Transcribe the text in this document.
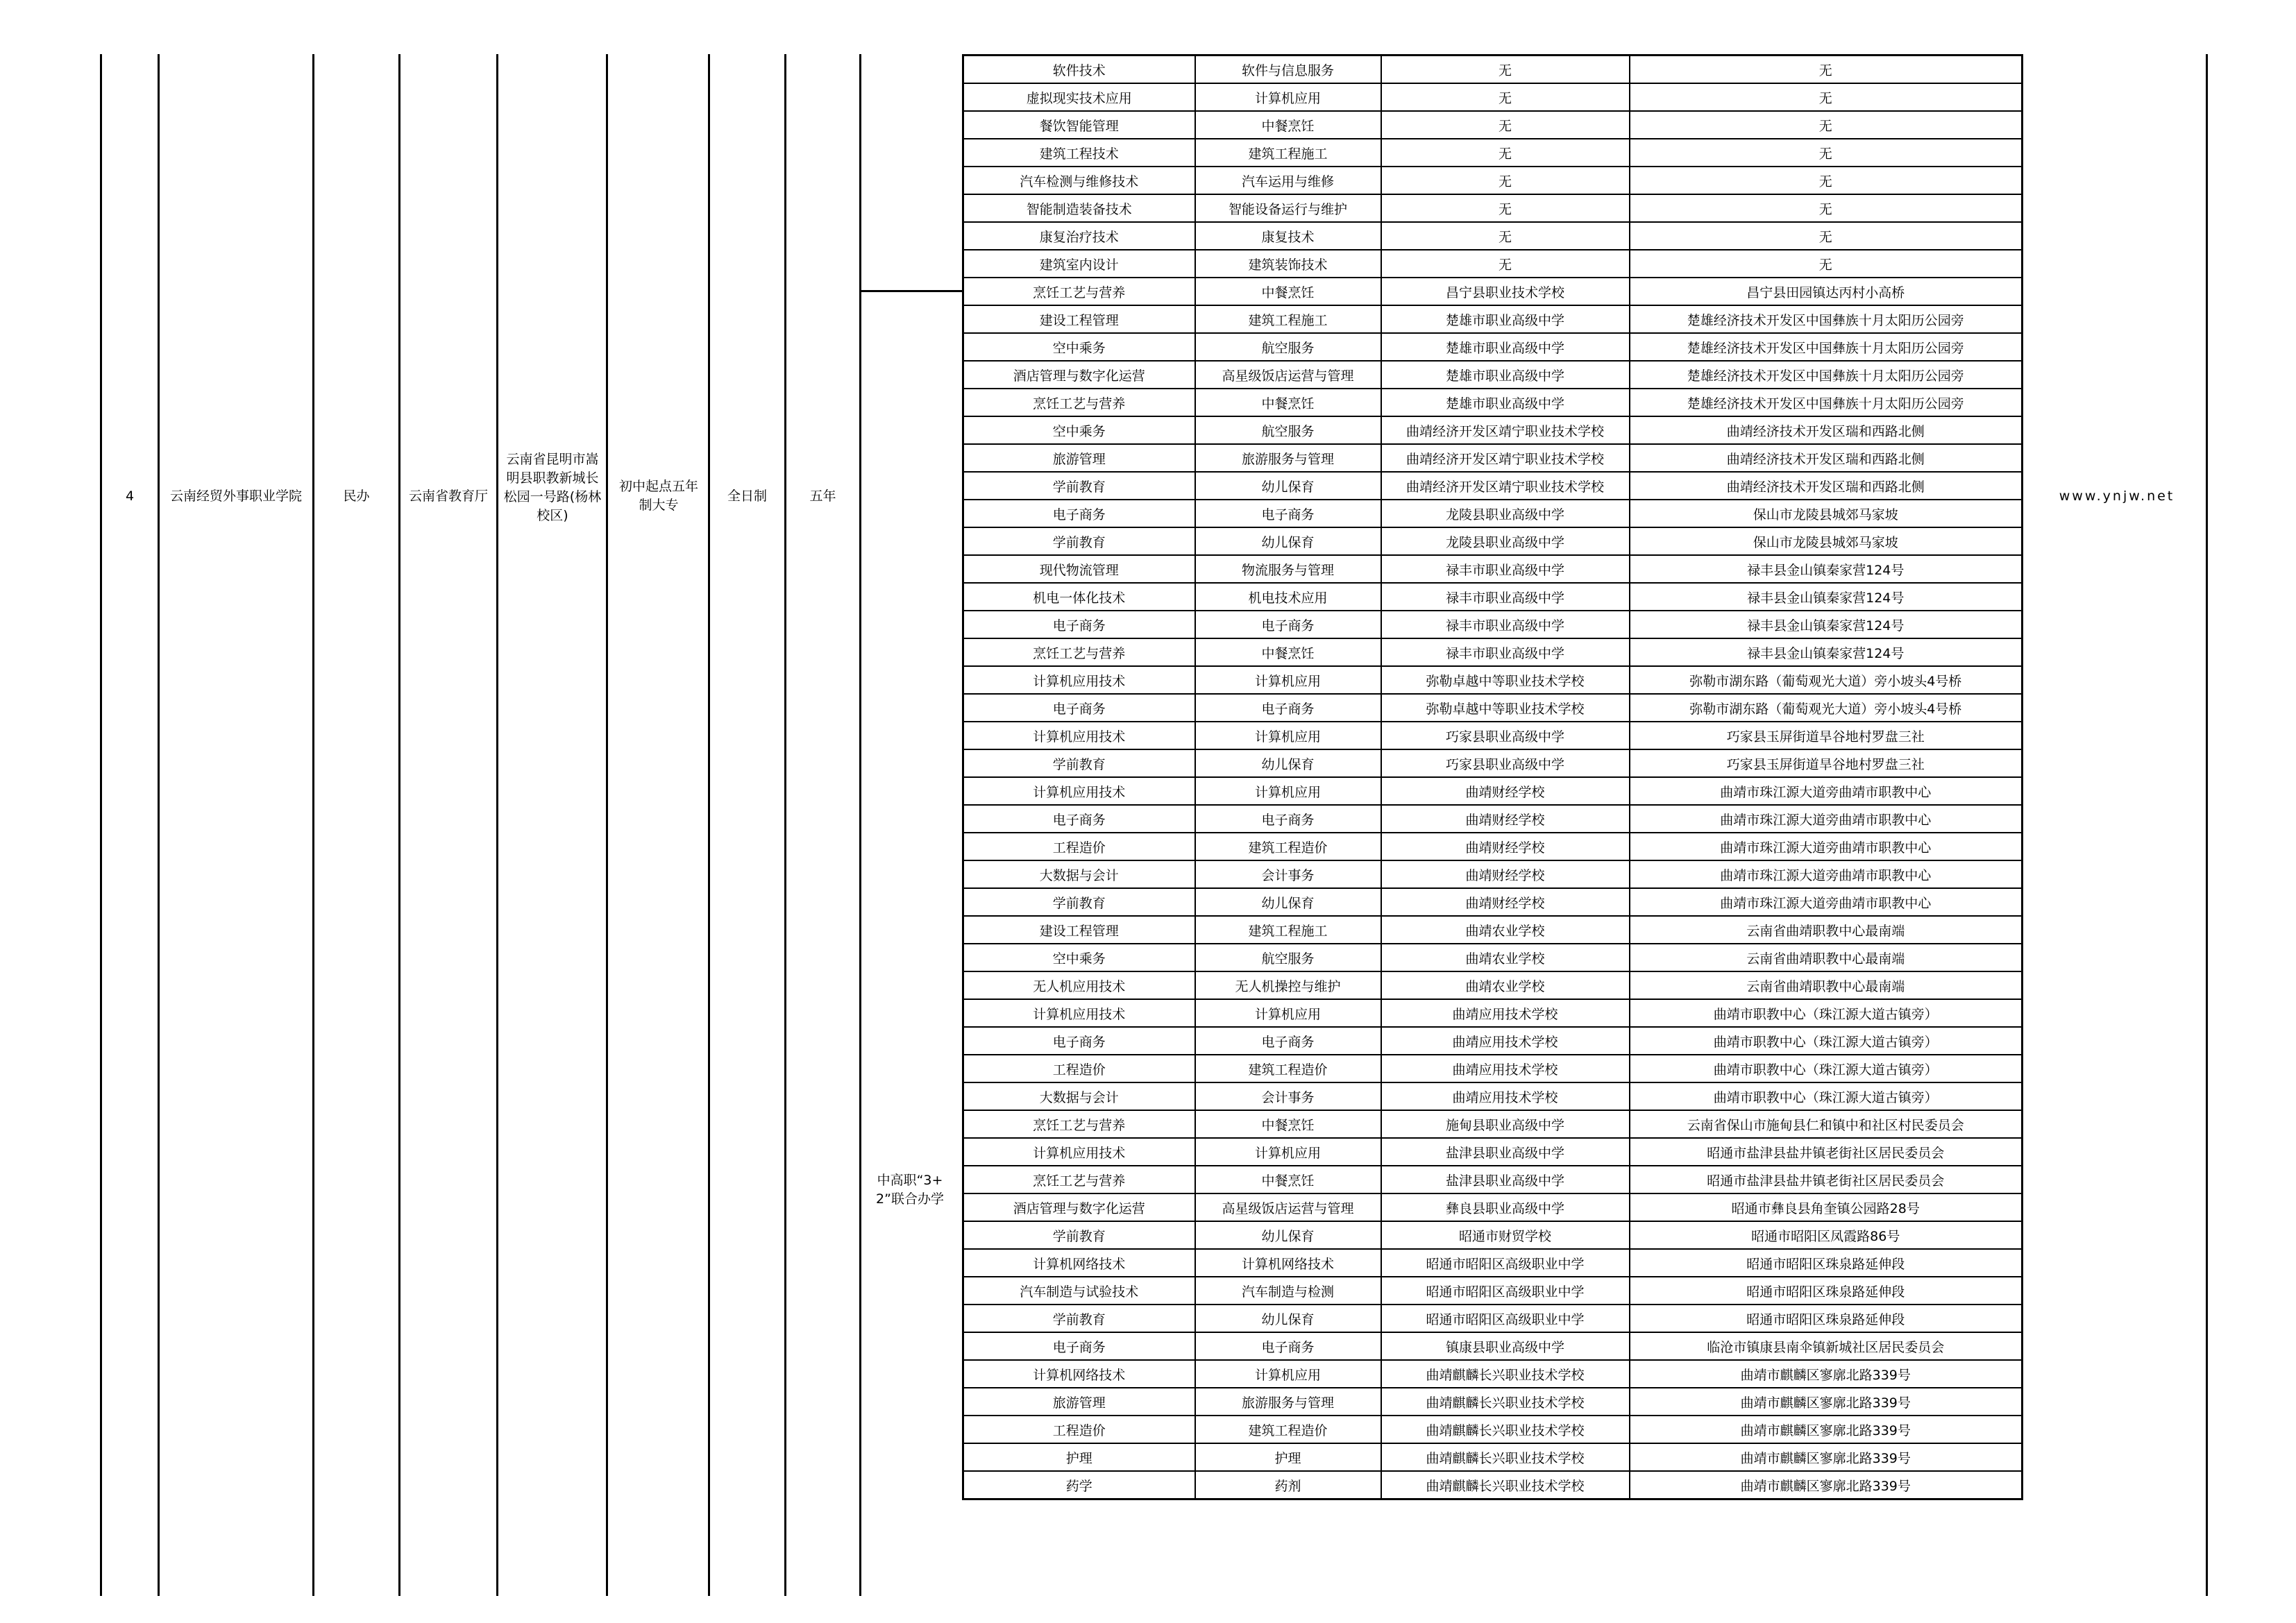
4	云南经贸外事职业学院	民办	云南省教育厅
云南省昆明市嵩明县职教新城长松园一号路(杨林校区)
初中起点五年制大专
全日制	五年
中高职“3+2”联合办学
www.ynjw.net
软件技术	软件与信息服务	无	无
虚拟现实技术应用	计算机应用	无	无
餐饮智能管理	中餐烹饪	无	无
建筑工程技术	建筑工程施工	无	无
汽车检测与维修技术	汽车运用与维修	无	无
智能制造装备技术	智能设备运行与维护	无	无
康复治疗技术	康复技术	无	无
建筑室内设计	建筑装饰技术	无	无
烹饪工艺与营养	中餐烹饪	昌宁县职业技术学校	昌宁县田园镇达丙村小高桥
建设工程管理	建筑工程施工	楚雄市职业高级中学	楚雄经济技术开发区中国彝族十月太阳历公园旁
空中乘务	航空服务	楚雄市职业高级中学	楚雄经济技术开发区中国彝族十月太阳历公园旁
酒店管理与数字化运营	高星级饭店运营与管理	楚雄市职业高级中学	楚雄经济技术开发区中国彝族十月太阳历公园旁
烹饪工艺与营养	中餐烹饪	楚雄市职业高级中学	楚雄经济技术开发区中国彝族十月太阳历公园旁
空中乘务	航空服务	曲靖经济开发区靖宁职业技术学校	曲靖经济技术开发区瑞和西路北侧
旅游管理	旅游服务与管理	曲靖经济开发区靖宁职业技术学校	曲靖经济技术开发区瑞和西路北侧
学前教育	幼儿保育	曲靖经济开发区靖宁职业技术学校	曲靖经济技术开发区瑞和西路北侧
电子商务	电子商务	龙陵县职业高级中学	保山市龙陵县城郊马家坡
学前教育	幼儿保育	龙陵县职业高级中学	保山市龙陵县城郊马家坡
现代物流管理	物流服务与管理	禄丰市职业高级中学	禄丰县金山镇秦家营124号
机电一体化技术	机电技术应用	禄丰市职业高级中学	禄丰县金山镇秦家营124号
电子商务	电子商务	禄丰市职业高级中学	禄丰县金山镇秦家营124号
烹饪工艺与营养	中餐烹饪	禄丰市职业高级中学	禄丰县金山镇秦家营124号
计算机应用技术	计算机应用	弥勒卓越中等职业技术学校	弥勒市湖东路（葡萄观光大道）旁小坡头4号桥
电子商务	电子商务	弥勒卓越中等职业技术学校	弥勒市湖东路（葡萄观光大道）旁小坡头4号桥
计算机应用技术	计算机应用	巧家县职业高级中学	巧家县玉屏街道旱谷地村罗盘三社
学前教育	幼儿保育	巧家县职业高级中学	巧家县玉屏街道旱谷地村罗盘三社
计算机应用技术	计算机应用	曲靖财经学校	曲靖市珠江源大道旁曲靖市职教中心
电子商务	电子商务	曲靖财经学校	曲靖市珠江源大道旁曲靖市职教中心
工程造价	建筑工程造价	曲靖财经学校	曲靖市珠江源大道旁曲靖市职教中心
大数据与会计	会计事务	曲靖财经学校	曲靖市珠江源大道旁曲靖市职教中心
学前教育	幼儿保育	曲靖财经学校	曲靖市珠江源大道旁曲靖市职教中心
建设工程管理	建筑工程施工	曲靖农业学校	云南省曲靖职教中心最南端
空中乘务	航空服务	曲靖农业学校	云南省曲靖职教中心最南端
无人机应用技术	无人机操控与维护	曲靖农业学校	云南省曲靖职教中心最南端
计算机应用技术	计算机应用	曲靖应用技术学校	曲靖市职教中心（珠江源大道古镇旁）
电子商务	电子商务	曲靖应用技术学校	曲靖市职教中心（珠江源大道古镇旁）
工程造价	建筑工程造价	曲靖应用技术学校	曲靖市职教中心（珠江源大道古镇旁）
大数据与会计	会计事务	曲靖应用技术学校	曲靖市职教中心（珠江源大道古镇旁）
烹饪工艺与营养	中餐烹饪	施甸县职业高级中学	云南省保山市施甸县仁和镇中和社区村民委员会
计算机应用技术	计算机应用	盐津县职业高级中学	昭通市盐津县盐井镇老街社区居民委员会
烹饪工艺与营养	中餐烹饪	盐津县职业高级中学	昭通市盐津县盐井镇老街社区居民委员会
酒店管理与数字化运营	高星级饭店运营与管理	彝良县职业高级中学	昭通市彝良县角奎镇公园路28号
学前教育	幼儿保育	昭通市财贸学校	昭通市昭阳区凤霞路86号
计算机网络技术	计算机网络技术	昭通市昭阳区高级职业中学	昭通市昭阳区珠泉路延伸段
汽车制造与试验技术	汽车制造与检测	昭通市昭阳区高级职业中学	昭通市昭阳区珠泉路延伸段
学前教育	幼儿保育	昭通市昭阳区高级职业中学	昭通市昭阳区珠泉路延伸段
电子商务	电子商务	镇康县职业高级中学	临沧市镇康县南伞镇新城社区居民委员会
计算机网络技术	计算机应用	曲靖麒麟长兴职业技术学校	曲靖市麒麟区寥廓北路339号
旅游管理	旅游服务与管理	曲靖麒麟长兴职业技术学校	曲靖市麒麟区寥廓北路339号
工程造价	建筑工程造价	曲靖麒麟长兴职业技术学校	曲靖市麒麟区寥廓北路339号
护理	护理	曲靖麒麟长兴职业技术学校	曲靖市麒麟区寥廓北路339号
药学	药剂	曲靖麒麟长兴职业技术学校	曲靖市麒麟区寥廓北路339号
